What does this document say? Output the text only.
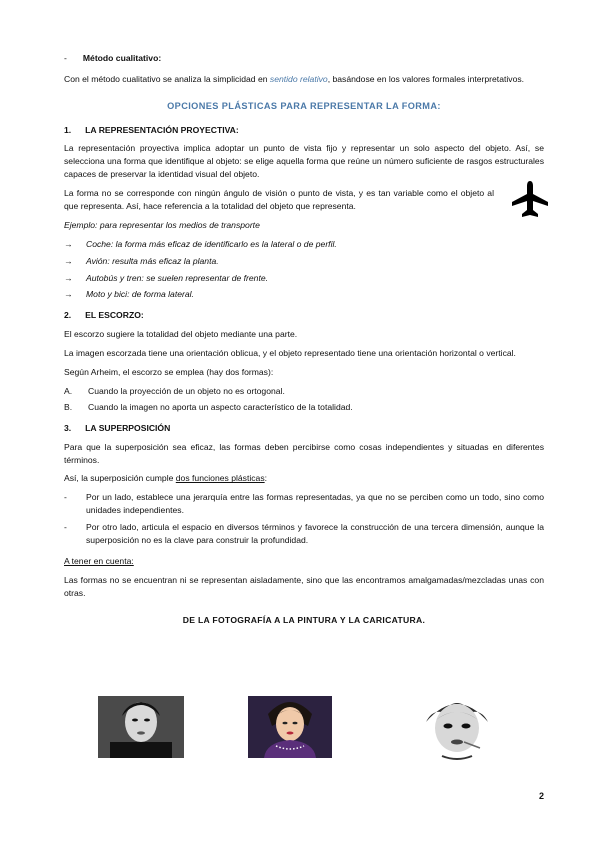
- Método cualitativo:

Con el método cualitativo se analiza la simplicidad en sentido relativo, basándose en los valores formales interpretativos.

OPCIONES PLÁSTICAS PARA REPRESENTAR LA FORMA:
1. LA REPRESENTACIÓN PROYECTIVA:

La representación proyectiva implica adoptar un punto de vista fijo y representar un solo aspecto del objeto. Así, se selecciona una forma que identifique al objeto: se elige aquella forma que reúne un número suficiente de rasgos estructurales capaces de preservar la identidad visual del objeto.

La forma no se corresponde con ningún ángulo de visión o punto de vista, y es tan variable como el objeto al que representa. Así, hace referencia a la totalidad del objeto que representa.

Ejemplo: para representar los medios de transporte

→	Coche: la forma más eficaz de identificarlo es la lateral o de perfil.
→	Avión: resulta más eficaz la planta.
→	Autobús y tren: se suelen representar de frente.
→	Moto y bici: de forma lateral.
2. EL ESCORZO:

El escorzo sugiere la totalidad del objeto mediante una parte.

La imagen escorzada tiene una orientación oblicua, y el objeto representado tiene una orientación horizontal o vertical.

Según Arheim, el escorzo se emplea (hay dos formas):

A. Cuando la proyección de un objeto no es ortogonal.
B. Cuando la imagen no aporta un aspecto característico de la totalidad.
3. LA SUPERPOSICIÓN

Para que la superposición sea eficaz, las formas deben percibirse como cosas independientes y situadas en diferentes términos.

Así, la superposición cumple dos funciones plásticas:

-	Por un lado, establece una jerarquía entre las formas representadas, ya que no se perciben como un todo, sino como unidades independientes.
-	Por otro lado, articula el espacio en diversos términos y favorece la construcción de una tercera dimensión, aunque la superposición no es la clave para construir la profundidad.

A tener en cuenta:

Las formas no se encuentran ni se representan aisladamente, sino que las encontramos amalgamadas/mezcladas unas con otras.

DE LA FOTOGRAFÍA A LA PINTURA Y LA CARICATURA.
2
